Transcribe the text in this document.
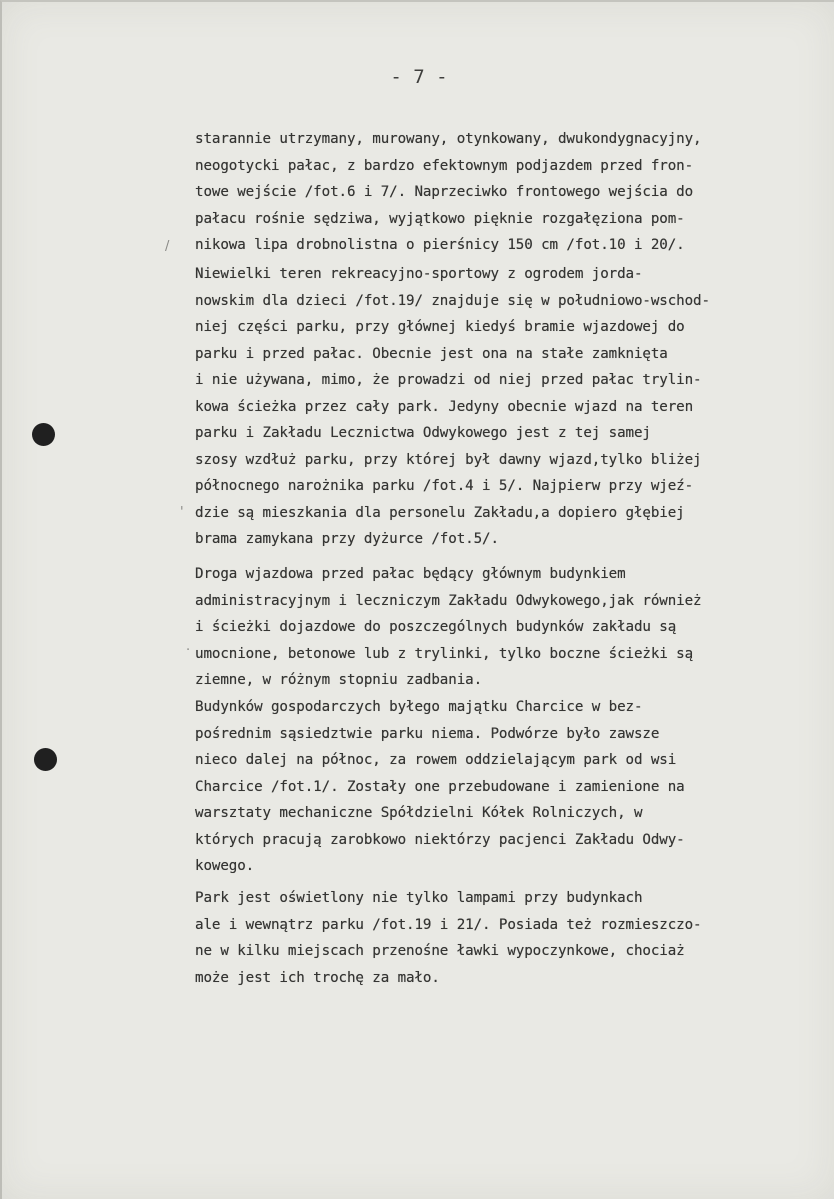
- 7 -
starannie utrzymany, murowany, otynkowany, dwukondygnacyjny,
neogotycki pałac, z bardzo efektownym podjazdem przed fron-
towe wejście /fot.6 i 7/. Naprzeciwko frontowego wejścia do
pałacu rośnie sędziwa, wyjątkowo pięknie rozgałęziona pom-
nikowa lipa drobnolistna o pierśnicy 150 cm /fot.10 i 20/.
Niewielki teren rekreacyjno-sportowy z ogrodem jorda-
nowskim dla dzieci /fot.19/ znajduje się w południowo-wschod-
niej części parku, przy głównej kiedyś bramie wjazdowej do
parku i przed pałac. Obecnie jest ona na stałe zamknięta
i nie używana, mimo, że prowadzi od niej przed pałac trylin-
kowa ścieżka przez cały park. Jedyny obecnie wjazd na teren
parku i Zakładu Lecznictwa Odwykowego jest z tej samej
szosy wzdłuż parku, przy której był dawny wjazd,tylko bliżej
północnego narożnika parku /fot.4 i 5/. Najpierw przy wjeź-
dzie są mieszkania dla personelu Zakładu,a dopiero głębiej
brama zamykana przy dyżurce /fot.5/.
Droga wjazdowa przed pałac będący głównym budynkiem
administracyjnym i leczniczym Zakładu Odwykowego,jak również
i ścieżki dojazdowe do poszczególnych budynków zakładu są
umocnione, betonowe lub z trylinki, tylko boczne ścieżki są
ziemne, w różnym stopniu zadbania.
Budynków gospodarczych byłego majątku Charcice w bez-
pośrednim sąsiedztwie parku niema. Podwórze było zawsze
nieco dalej na północ, za rowem oddzielającym park od wsi
Charcice /fot.1/. Zostały one przebudowane i zamienione na
warsztaty mechaniczne Spółdzielni Kółek Rolniczych, w
których pracują zarobkowo niektórzy pacjenci Zakładu Odwy-
kowego.
Park jest oświetlony nie tylko lampami przy budynkach
ale i wewnątrz parku /fot.19 i 21/. Posiada też rozmieszczo-
ne w kilku miejscach przenośne ławki wypoczynkowe, chociaż
może jest ich trochę za mało.
/
'
.
